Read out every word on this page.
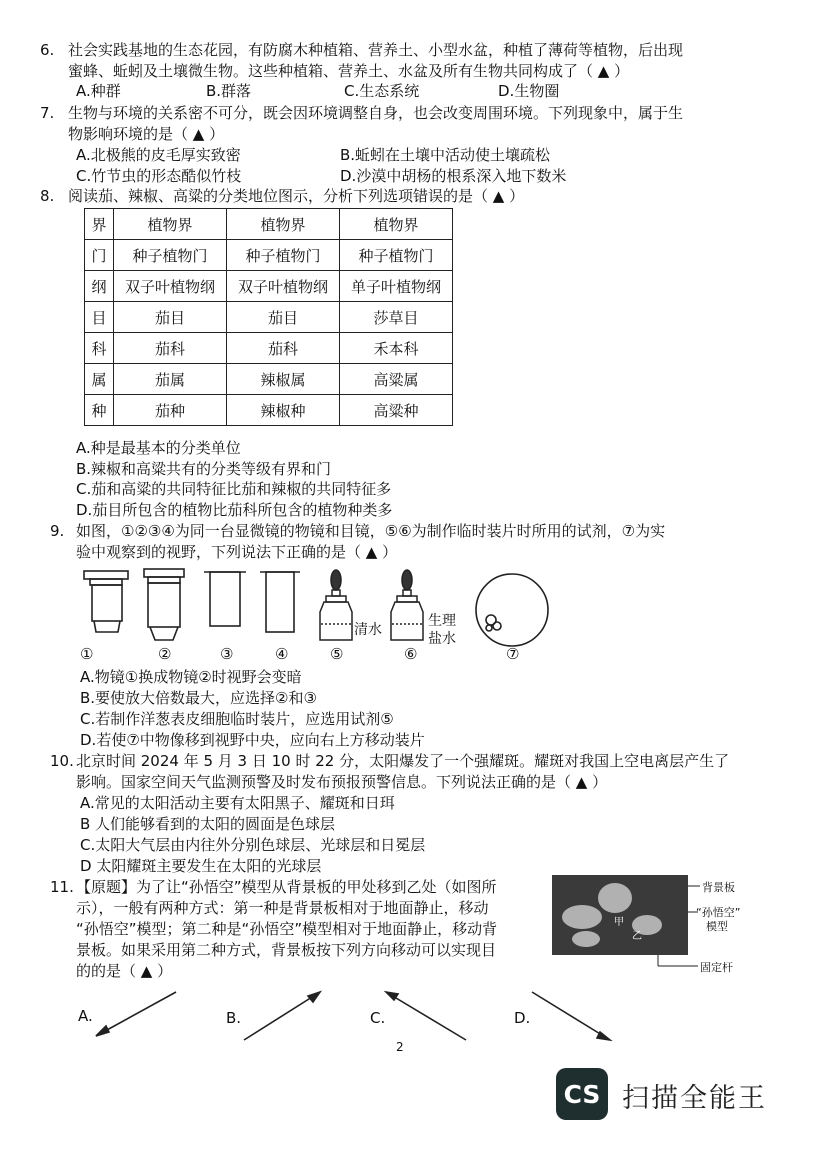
6. 社会实践基地的生态花园，有防腐木种植箱、营养土、小型水盆，种植了薄荷等植物，后出现
蜜蜂、蚯蚓及土壤微生物。这些种植箱、营养土、水盆及所有生物共同构成了（ ▲ ）
A.种群	B.群落	C.生态系统	D.生物圈
7. 生物与环境的关系密不可分，既会因环境调整自身，也会改变周围环境。下列现象中，属于生
物影响环境的是（ ▲ ）
A.北极熊的皮毛厚实致密	B.蚯蚓在土壤中活动使土壤疏松
C.竹节虫的形态酷似竹枝	D.沙漠中胡杨的根系深入地下数米
8. 阅读茄、辣椒、高粱的分类地位图示，分析下列选项错误的是（ ▲ ）
界	植物界	植物界	植物界
门	种子植物门	种子植物门	种子植物门
纲	双子叶植物纲	双子叶植物纲	单子叶植物纲
目	茄目	茄目	莎草目
科	茄科	茄科	禾本科
属	茄属	辣椒属	高粱属
种	茄种	辣椒种	高粱种
A.种是最基本的分类单位
B.辣椒和高粱共有的分类等级有界和门
C.茄和高粱的共同特征比茄和辣椒的共同特征多
D.茄目所包含的植物比茄科所包含的植物种类多
9. 如图，①②③④为同一台显微镜的物镜和目镜，⑤⑥为制作临时装片时所用的试剂，⑦为实
验中观察到的视野，下列说法下正确的是（ ▲ ）
①	②	③	④	⑤	⑥	⑦
清水
生理
盐水
A.物镜①换成物镜②时视野会变暗
B.要使放大倍数最大，应选择②和③
C.若制作洋葱表皮细胞临时装片，应选用试剂⑤
D.若使⑦中物像移到视野中央，应向右上方移动装片
10. 北京时间 2024 年 5 月 3 日 10 时 22 分，太阳爆发了一个强耀斑。耀斑对我国上空电离层产生了
影响。国家空间天气监测预警及时发布预报预警信息。下列说法正确的是（ ▲ ）
A.常见的太阳活动主要有太阳黑子、耀斑和日珥
B 人们能够看到的太阳的圆面是色球层
C.太阳大气层由内往外分别色球层、光球层和日冕层
D 太阳耀斑主要发生在太阳的光球层
11. 【原题】为了让“孙悟空”模型从背景板的甲处移到乙处（如图所
示），一般有两种方式：第一种是背景板相对于地面静止，移动
“孙悟空”模型；第二种是“孙悟空”模型相对于地面静止，移动背
景板。如果采用第二种方式，背景板按下列方向移动可以实现目
的的是（ ▲ ）
甲
乙
背景板
“孙悟空”
模型
固定杆
A.	B.	C.	D.
2
CS 扫描全能王
